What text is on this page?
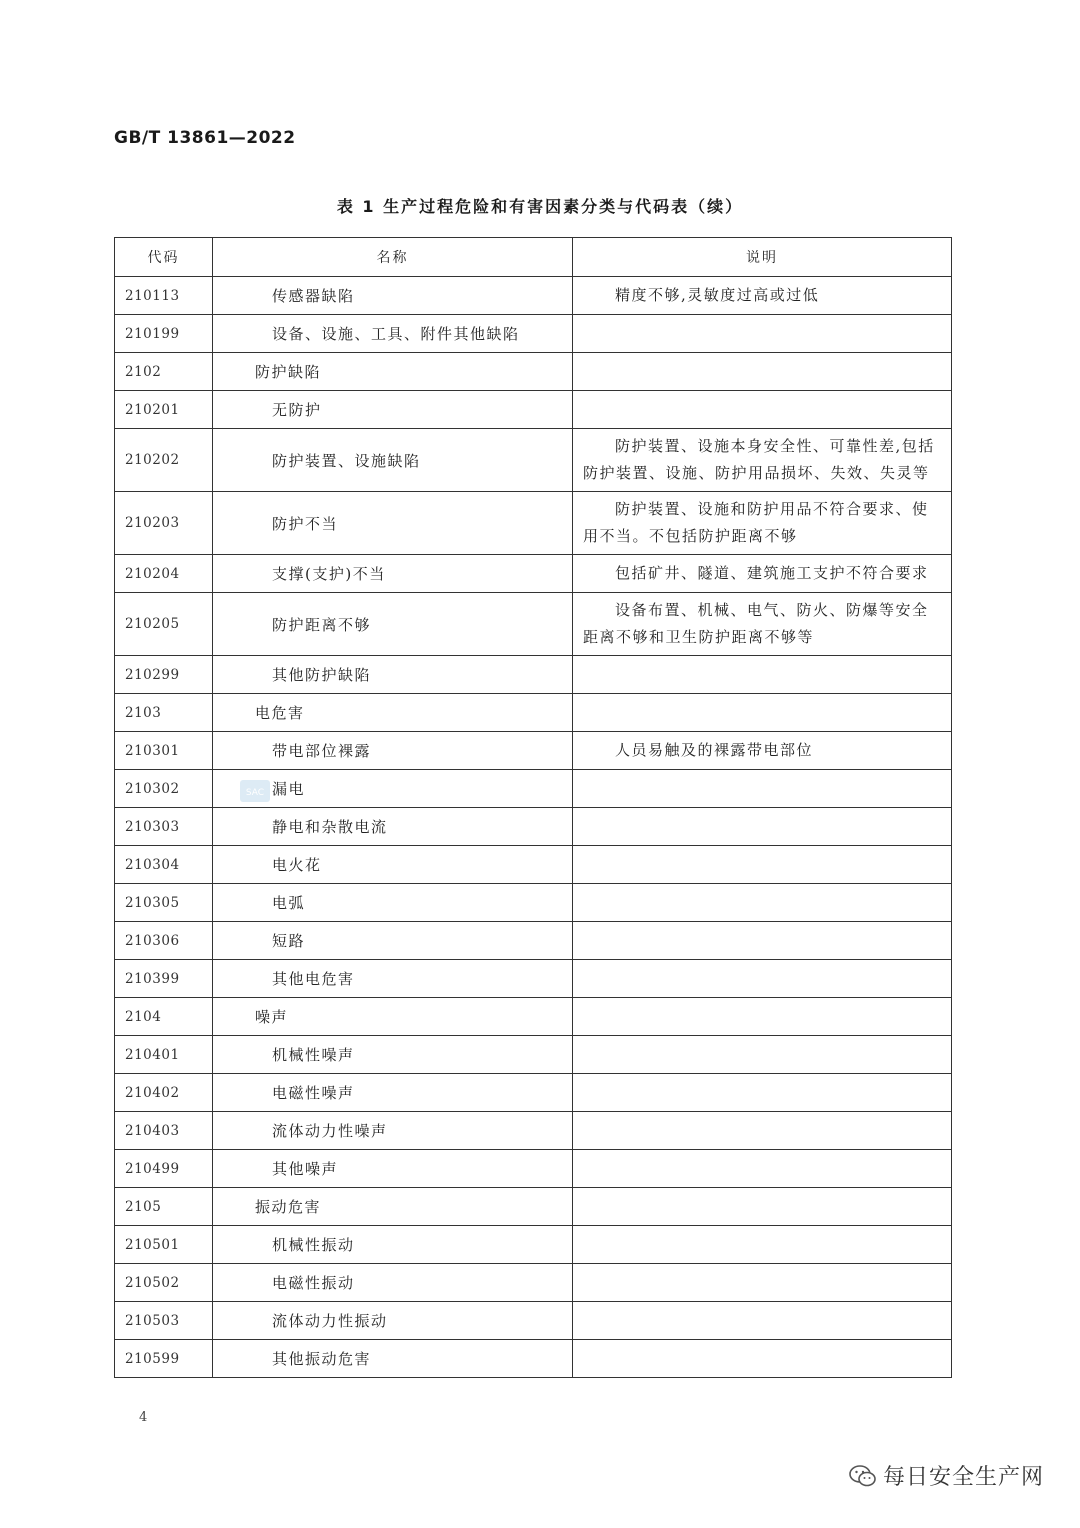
GB/T 13861—2022
表 1 生产过程危险和有害因素分类与代码表（续）
代码	名称	说明
210113	传感器缺陷	精度不够,灵敏度过高或过低

210199	设备、设施、工具、附件其他缺陷	

2102	防护缺陷	

210201	无防护	

210202	防护装置、设施缺陷	防护装置、设施本身安全性、可靠性差,包括防护装置、设施、防护用品损坏、失效、失灵等

210203	防护不当	防护装置、设施和防护用品不符合要求、使用不当。不包括防护距离不够

210204	支撑(支护)不当	包括矿井、隧道、建筑施工支护不符合要求

210205	防护距离不够	设备布置、机械、电气、防火、防爆等安全距离不够和卫生防护距离不够等

210299	其他防护缺陷	

2103	电危害	

210301	带电部位裸露	人员易触及的裸露带电部位

210302	漏电	

210303	静电和杂散电流	

210304	电火花	

210305	电弧	

210306	短路	

210399	其他电危害	

2104	噪声	

210401	机械性噪声	

210402	电磁性噪声	

210403	流体动力性噪声	

210499	其他噪声	

2105	振动危害	

210501	机械性振动	

210502	电磁性振动	

210503	流体动力性振动	

210599	其他振动危害	
SAC
4
每日安全生产网
